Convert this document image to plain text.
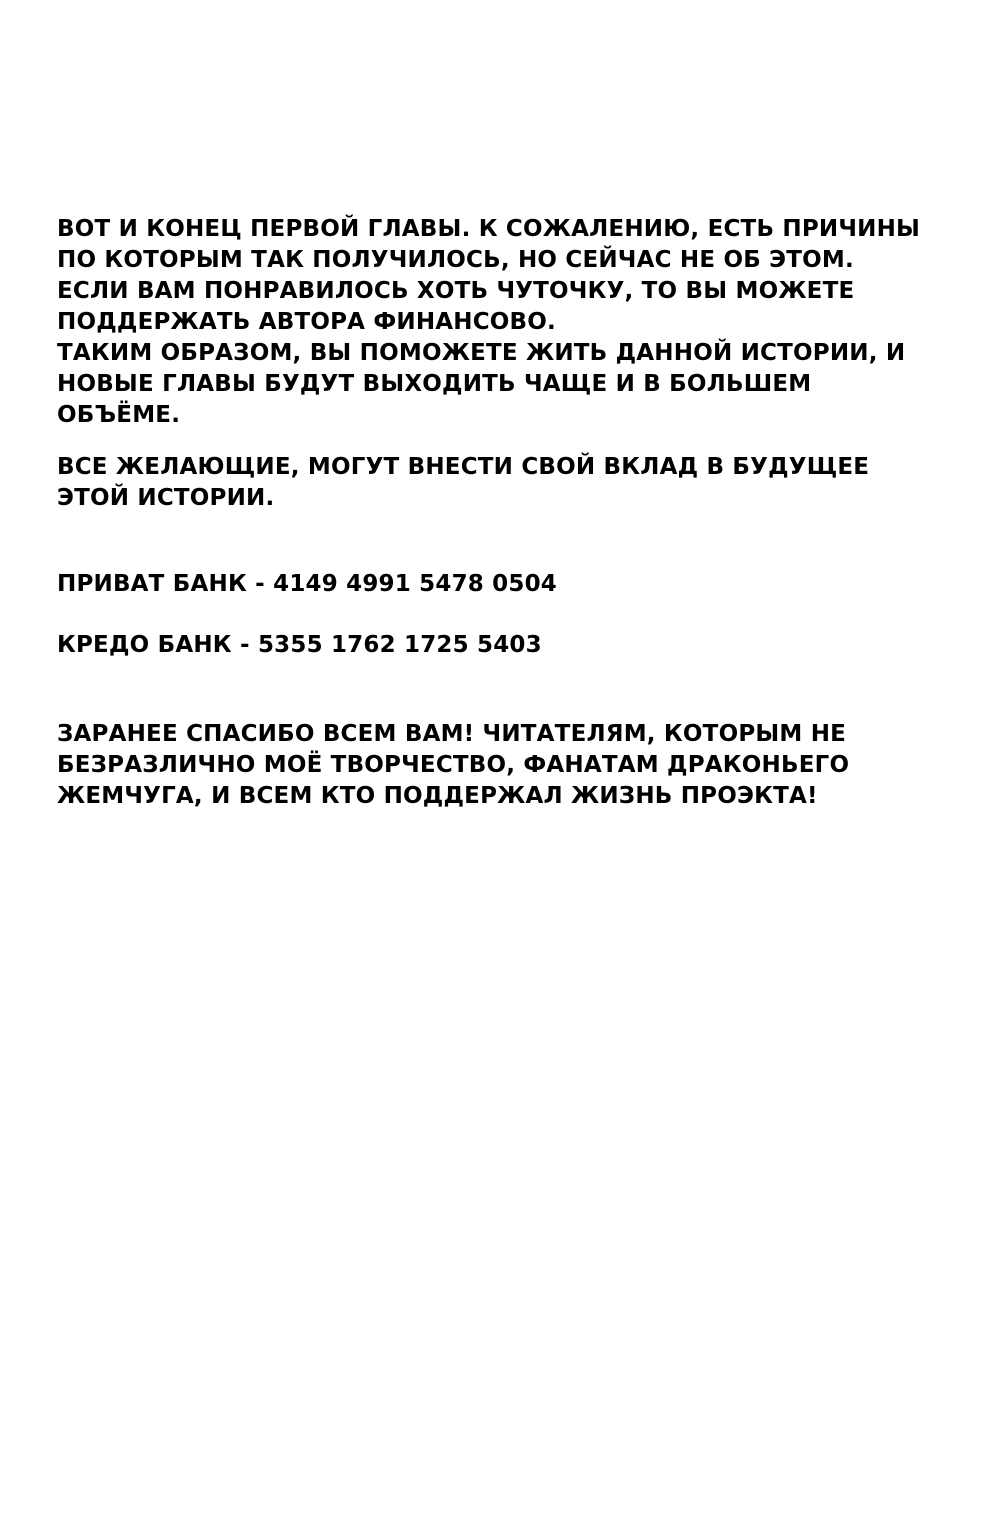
ВОТ И КОНЕЦ ПЕРВОЙ ГЛАВЫ. К СОЖАЛЕНИЮ, ЕСТЬ ПРИЧИНЫ
ПО КОТОРЫМ ТАК ПОЛУЧИЛОСЬ, НО СЕЙЧАС НЕ ОБ ЭТОМ.
ЕСЛИ ВАМ ПОНРАВИЛОСЬ ХОТЬ ЧУТОЧКУ, ТО ВЫ МОЖЕТЕ
ПОДДЕРЖАТЬ АВТОРА ФИНАНСОВО.
ТАКИМ ОБРАЗОМ, ВЫ ПОМОЖЕТЕ ЖИТЬ ДАННОЙ ИСТОРИИ, И
НОВЫЕ ГЛАВЫ БУДУТ ВЫХОДИТЬ ЧАЩЕ И В БОЛЬШЕМ
ОБЪЁМЕ.
ВСЕ ЖЕЛАЮЩИЕ, МОГУТ ВНЕСТИ СВОЙ ВКЛАД В БУДУЩЕЕ
ЭТОЙ ИСТОРИИ.
ПРИВАТ БАНК - 4149 4991 5478 0504
КРЕДО БАНК - 5355 1762 1725 5403
ЗАРАНЕЕ СПАСИБО ВСЕМ ВАМ! ЧИТАТЕЛЯМ, КОТОРЫМ НЕ
БЕЗРАЗЛИЧНО МОЁ ТВОРЧЕСТВО, ФАНАТАМ ДРАКОНЬЕГО
ЖЕМЧУГА, И ВСЕМ КТО ПОДДЕРЖАЛ ЖИЗНЬ ПРОЭКТА!
